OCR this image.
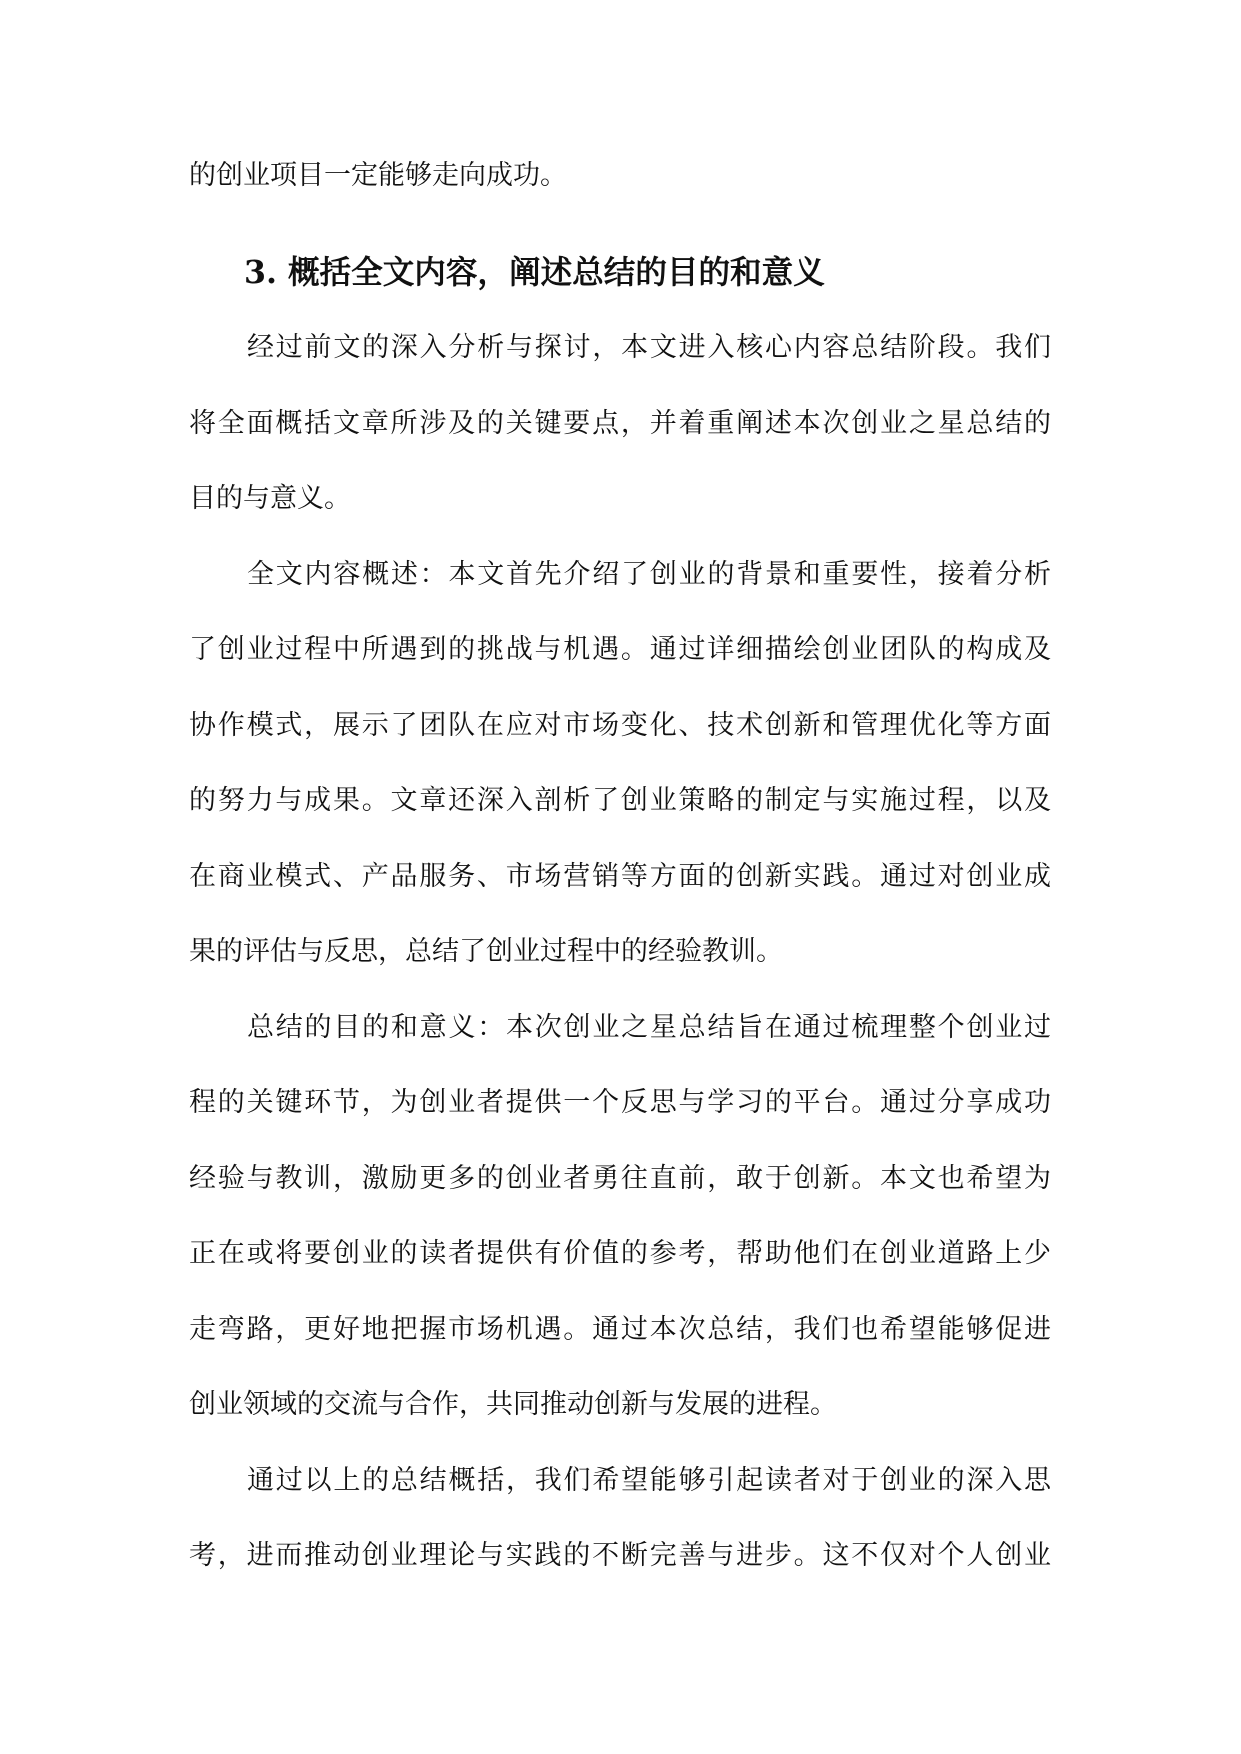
的创业项目一定能够走向成功。

3. 概括全文内容，阐述总结的目的和意义

经过前文的深入分析与探讨，本文进入核心内容总结阶段。我们

将全面概括文章所涉及的关键要点，并着重阐述本次创业之星总结的

目的与意义。

全文内容概述：本文首先介绍了创业的背景和重要性，接着分析

了创业过程中所遇到的挑战与机遇。通过详细描绘创业团队的构成及

协作模式，展示了团队在应对市场变化、技术创新和管理优化等方面

的努力与成果。文章还深入剖析了创业策略的制定与实施过程，以及

在商业模式、产品服务、市场营销等方面的创新实践。通过对创业成

果的评估与反思，总结了创业过程中的经验教训。

总结的目的和意义：本次创业之星总结旨在通过梳理整个创业过

程的关键环节，为创业者提供一个反思与学习的平台。通过分享成功

经验与教训，激励更多的创业者勇往直前，敢于创新。本文也希望为

正在或将要创业的读者提供有价值的参考，帮助他们在创业道路上少

走弯路，更好地把握市场机遇。通过本次总结，我们也希望能够促进

创业领域的交流与合作，共同推动创新与发展的进程。

通过以上的总结概括，我们希望能够引起读者对于创业的深入思

考，进而推动创业理论与实践的不断完善与进步。这不仅对个人创业
